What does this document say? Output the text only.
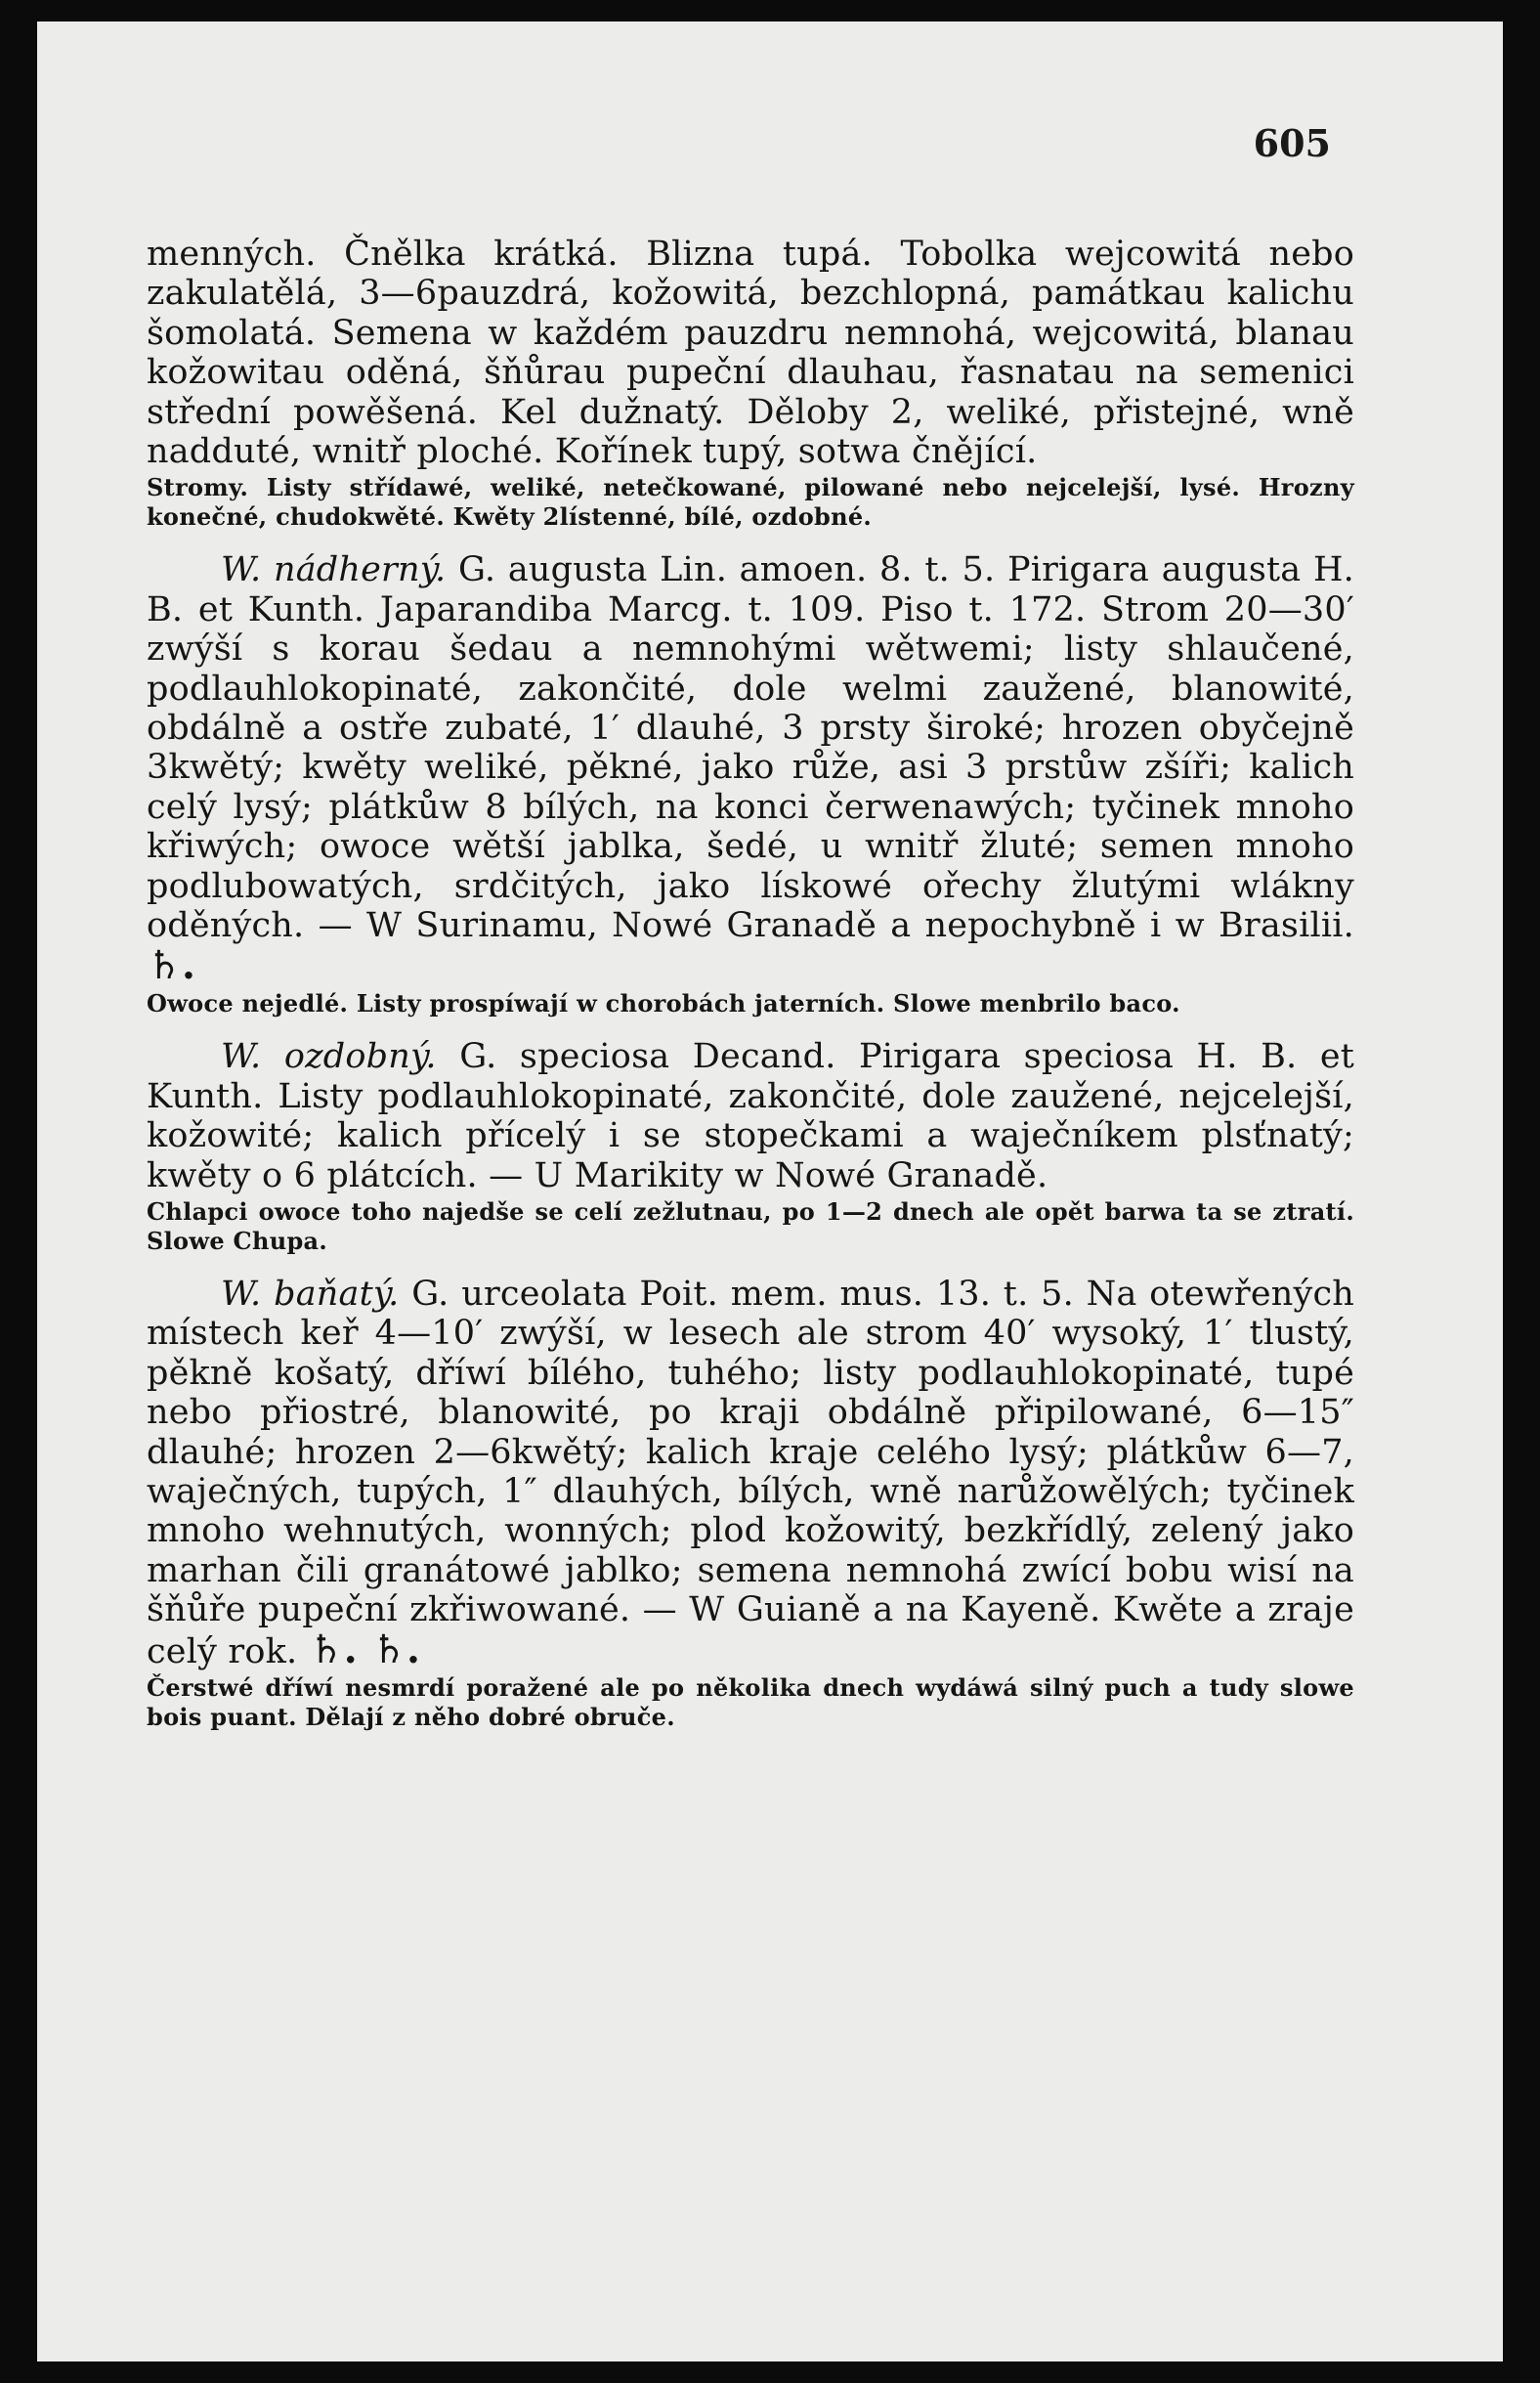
605

menných. Čnělka krátká. Blizna tupá. Tobolka wejcowitá nebo zakulatělá, 3—6pauzdrá, kožowitá, bezchlopná, památkau kalichu šomolatá. Semena w každém pauzdru nemnohá, wejcowitá, blanau kožowitau oděná, šňůrau pupeční dlauhau, řasnatau na semenici střední powěšená. Kel dužnatý. Děloby 2, weliké, přistejné, wně nadduté, wnitř ploché. Kořínek tupý, sotwa čnějící.

Stromy. Listy střídawé, weliké, netečkowané, pilowané nebo nejcelejší, lysé. Hrozny konečné, chudokwěté. Kwěty 2lístenné, bílé, ozdobné.

W. nádherný. G. augusta Lin. amoen. 8. t. 5. Pirigara augusta H. B. et Kunth. Japarandiba Marcg. t. 109. Piso t. 172. Strom 20—30′ zwýší s korau šedau a nemnohými wětwemi; listy shlaučené, podlauhlokopinaté, zakončité, dole welmi zaužené, blanowité, obdálně a ostře zubaté, 1′ dlauhé, 3 prsty široké; hrozen obyčejně 3kwětý; kwěty weliké, pěkné, jako růže, asi 3 prstůw zšíři; kalich celý lysý; plátkůw 8 bílých, na konci čerwenawých; tyčinek mnoho křiwých; owoce wětší jablka, šedé, u wnitř žluté; semen mnoho podlubowatých, srdčitých, jako lískowé ořechy žlutými wlákny oděných. — W Surinamu, Nowé Granadě a nepochybně i w Brasilii. ♄.

Owoce nejedlé. Listy prospíwají w chorobách jaterních. Slowe menbrilo baco.

W. ozdobný. G. speciosa Decand. Pirigara speciosa H. B. et Kunth. Listy podlauhlokopinaté, zakončité, dole zaužené, nejcelejší, kožowité; kalich přícelý i se stopečkami a waječníkem plsťnatý; kwěty o 6 plátcích. — U Marikity w Nowé Granadě.

Chlapci owoce toho najedše se celí zežlutnau, po 1—2 dnech ale opět barwa ta se ztratí. Slowe Chupa.

W. baňatý. G. urceolata Poit. mem. mus. 13. t. 5. Na otewřených místech keř 4—10′ zwýší, w lesech ale strom 40′ wysoký, 1′ tlustý, pěkně košatý, dříwí bílého, tuhého; listy podlauhlokopinaté, tupé nebo přiostré, blanowité, po kraji obdálně připilowané, 6—15″ dlauhé; hrozen 2—6kwětý; kalich kraje celého lysý; plátkůw 6—7, waječných, tupých, 1″ dlauhých, bílých, wně narůžowělých; tyčinek mnoho wehnutých, wonných; plod kožowitý, bezkřídlý, zelený jako marhan čili granátowé jablko; semena nemnohá zwící bobu wisí na šňůře pupeční zkřiwowané. — W Guianě a na Kayeně. Kwěte a zraje celý rok. ♄. ♄.

Čerstwé dříwí nesmrdí poražené ale po několika dnech wydáwá silný puch a tudy slowe bois puant. Dělají z něho dobré obruče.
